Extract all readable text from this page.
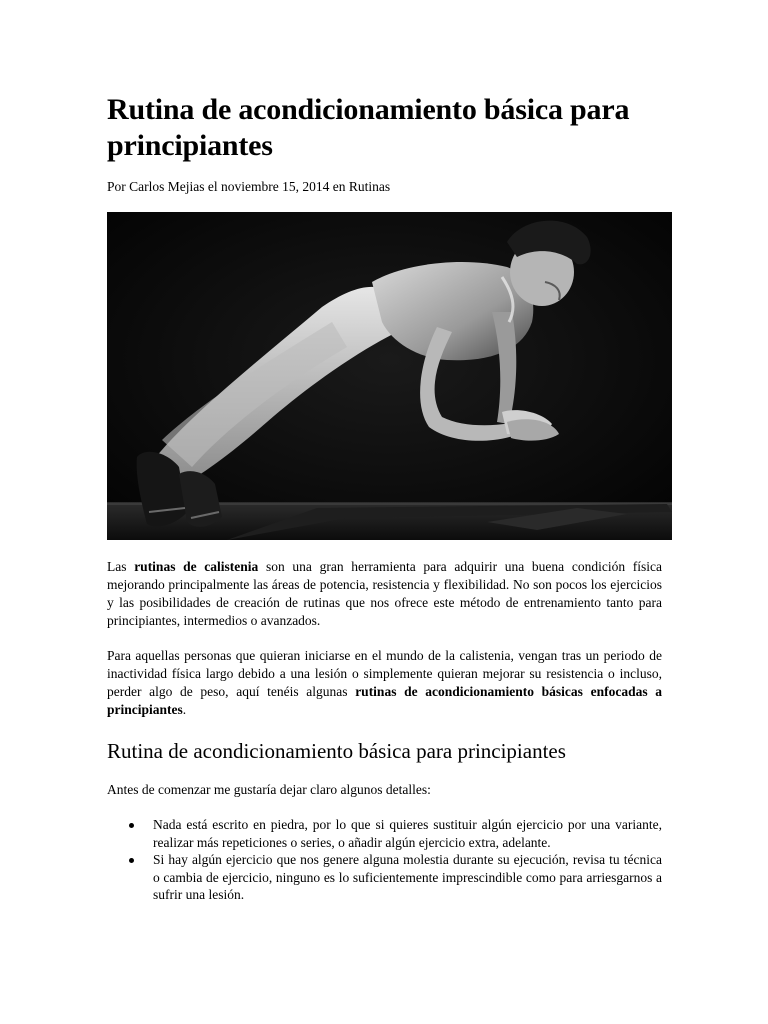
Rutina de acondicionamiento básica para principiantes

Por Carlos Mejias el noviembre 15, 2014 en Rutinas

Las rutinas de calistenia son una gran herramienta para adquirir una buena condición física mejorando principalmente las áreas de potencia, resistencia y flexibilidad. No son pocos los ejercicios y las posibilidades de creación de rutinas que nos ofrece este método de entrenamiento tanto para principiantes, intermedios o avanzados.

Para aquellas personas que quieran iniciarse en el mundo de la calistenia, vengan tras un periodo de inactividad física largo debido a una lesión o simplemente quieran mejorar su resistencia o incluso, perder algo de peso, aquí tenéis algunas rutinas de acondicionamiento básicas enfocadas a principiantes.

Rutina de acondicionamiento básica para principiantes

Antes de comenzar me gustaría dejar claro algunos detalles:

Nada está escrito en piedra, por lo que si quieres sustituir algún ejercicio por una variante, realizar más repeticiones o series, o añadir algún ejercicio extra, adelante.
Si hay algún ejercicio que nos genere alguna molestia durante su ejecución, revisa tu técnica o cambia de ejercicio, ninguno es lo suficientemente imprescindible como para arriesgarnos a sufrir una lesión.
